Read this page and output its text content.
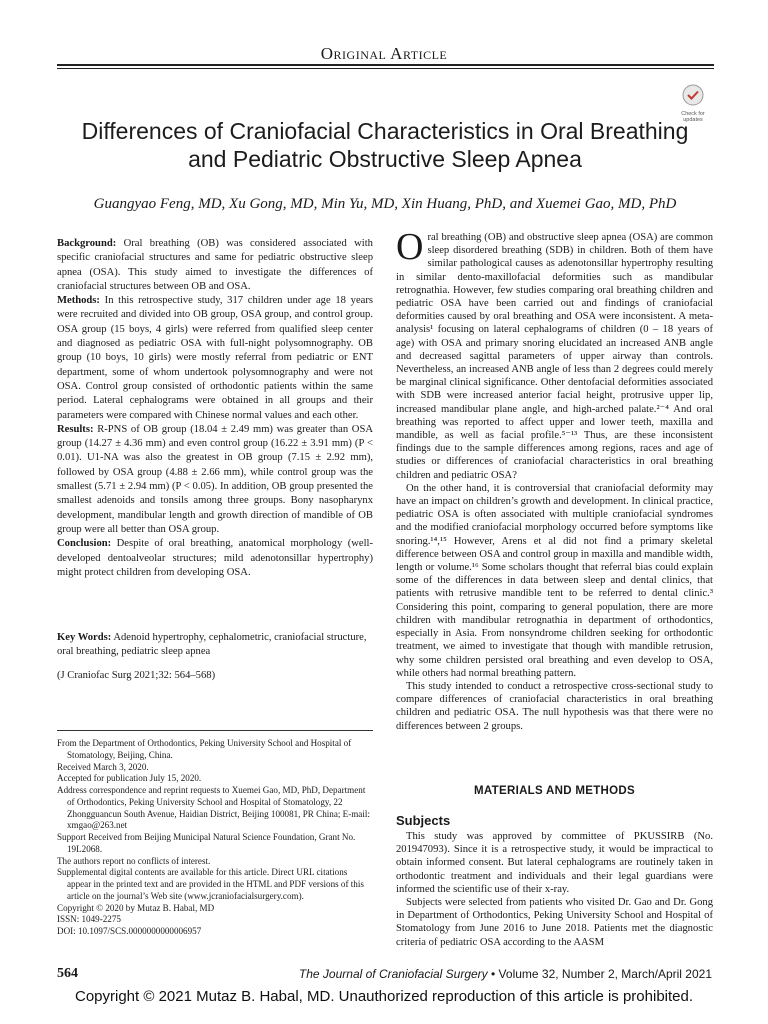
Original Article
Check for
updates
Differences of Craniofacial Characteristics in Oral Breathing and Pediatric Obstructive Sleep Apnea
Guangyao Feng, MD, Xu Gong, MD, Min Yu, MD, Xin Huang, PhD, and Xuemei Gao, MD, PhD

Background: Oral breathing (OB) was considered associated with specific craniofacial structures and same for pediatric obstructive sleep apnea (OSA). This study aimed to investigate the differences of craniofacial structures between OB and OSA.

Methods: In this retrospective study, 317 children under age 18 years were recruited and divided into OB group, OSA group, and control group. OSA group (15 boys, 4 girls) were referred from qualified sleep center and diagnosed as pediatric OSA with full-night polysomnography. OB group (10 boys, 10 girls) were mostly referral from pediatric or ENT department, some of whom undertook polysomnography and were not OSA. Control group consisted of orthodontic patients within the same period. Lateral cephalograms were obtained in all groups and their parameters were compared with Chinese normal values and each other.

Results: R-PNS of OB group (18.04 ± 2.49 mm) was greater than OSA group (14.27 ± 4.36 mm) and even control group (16.22 ± 3.91 mm) (P < 0.01). U1-NA was also the greatest in OB group (7.15 ± 2.92 mm), followed by OSA group (4.88 ± 2.66 mm), while control group was the smallest (5.71 ± 2.94 mm) (P < 0.05). In addition, OB group presented the smallest adenoids and tonsils among three groups. Bony nasopharynx development, mandibular length and growth direction of mandible of OB group were all better than OSA group.

Conclusion: Despite of oral breathing, anatomical morphology (well-developed dentoalveolar structures; mild adenotonsillar hypertrophy) might protect children from developing OSA.

Key Words: Adenoid hypertrophy, cephalometric, craniofacial structure, oral breathing, pediatric sleep apnea

(J Craniofac Surg 2021;32: 564–568)

From the Department of Orthodontics, Peking University School and Hospital of Stomatology, Beijing, China.
Received March 3, 2020.
Accepted for publication July 15, 2020.
Address correspondence and reprint requests to Xuemei Gao, MD, PhD, Department of Orthodontics, Peking University School and Hospital of Stomatology, 22 Zhongguancun South Avenue, Haidian District, Beijing 100081, PR China; E-mail: xmgao@263.net
Support Received from Beijing Municipal Natural Science Foundation, Grant No. 19L2068.
The authors report no conflicts of interest.
Supplemental digital contents are available for this article. Direct URL citations appear in the printed text and are provided in the HTML and PDF versions of this article on the journal’s Web site (www.jcraniofacialsurgery.com).
Copyright © 2020 by Mutaz B. Habal, MD
ISSN: 1049-2275
DOI: 10.1097/SCS.0000000000006957

Oral breathing (OB) and obstructive sleep apnea (OSA) are common sleep disordered breathing (SDB) in children. Both of them have similar pathological causes as adenotonsillar hypertrophy resulting in similar dento-maxillofacial deformities such as mandibular retrognathia. However, few studies comparing oral breathing children and pediatric OSA have been carried out and findings of craniofacial deformities caused by oral breathing and OSA were inconsistent. A meta-analysis¹ focusing on lateral cephalograms of children (0 – 18 years of age) with OSA and primary snoring elucidated an increased ANB angle and decreased sagittal parameters of upper airway than controls. Nevertheless, an increased ANB angle of less than 2 degrees could merely be marginal clinical significance. Other dentofacial deformities associated with SDB were increased anterior facial height, protrusive upper lip, increased mandibular plane angle, and high-arched palate.²⁻⁴ And oral breathing was reported to affect upper and lower teeth, maxilla and mandible, as well as facial profile.⁵⁻¹³ Thus, are these inconsistent findings due to the sample differences among regions, races and age of studies or differences of craniofacial characteristics in oral breathing children and pediatric OSA?

On the other hand, it is controversial that craniofacial deformity may have an impact on children’s growth and development. In clinical practice, pediatric OSA is often associated with multiple craniofacial syndromes and the modified craniofacial morphology occurred before symptoms like snoring.¹⁴,¹⁵ However, Arens et al did not find a primary skeletal difference between OSA and control group in maxilla and mandible width, length or volume.¹⁶ Some scholars thought that referral bias could explain some of the differences in data between sleep and dental clinics, that patients with retrusive mandible tent to be referred to dental clinic.³ Considering this point, comparing to general population, there are more children with mandibular retrognathia in department of orthodontics, especially in Asia. From nonsyndrome children seeking for orthodontic treatment, we aimed to investigate that though with mandible retrusion, why some children persisted oral breathing and even develop to OSA, while others had normal breathing pattern.

This study intended to conduct a retrospective cross-sectional study to compare differences of craniofacial characteristics in oral breathing children and pediatric OSA. The null hypothesis was that there were no differences between 2 groups.

MATERIALS AND METHODS
Subjects

This study was approved by committee of PKUSSIRB (No. 201947093). Since it is a retrospective study, it would be impractical to obtain informed consent. But lateral cephalograms are routinely taken in orthodontic treatment and individuals and their legal guardians were informed the scientific use of their x-ray.

Subjects were selected from patients who visited Dr. Gao and Dr. Gong in Department of Orthodontics, Peking University School and Hospital of Stomatology from June 2016 to June 2018. Patients met the diagnostic criteria of pediatric OSA according to the AASM

564	The Journal of Craniofacial Surgery • Volume 32, Number 2, March/April 2021
Copyright © 2021 Mutaz B. Habal, MD. Unauthorized reproduction of this article is prohibited.
